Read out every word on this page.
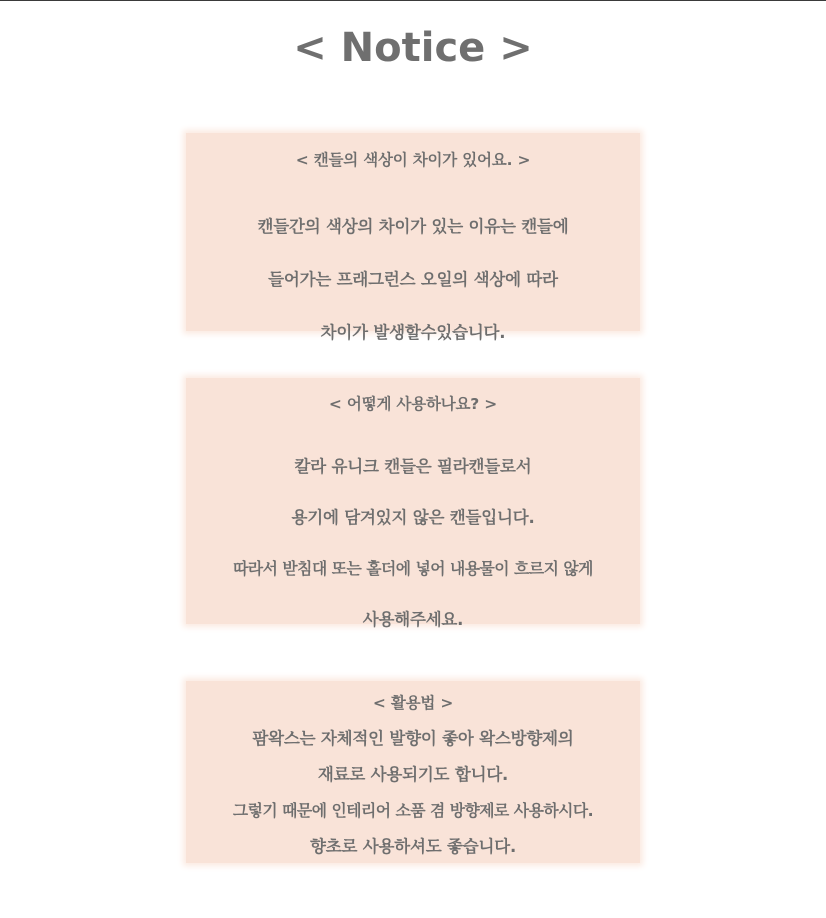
< Notice >
< 캔들의 색상이 차이가 있어요. >
캔들간의 색상의 차이가 있는 이유는 캔들에
들어가는 프래그런스 오일의 색상에 따라
차이가 발생할수있습니다.
< 어떻게 사용하나요? >
칼라 유니크 캔들은 필라캔들로서
용기에 담겨있지 않은 캔들입니다.
따라서 받침대 또는 홀더에 넣어 내용물이 흐르지 않게
사용해주세요.
< 활용법 >
팜왁스는 자체적인 발향이 좋아 왁스방향제의
재료로 사용되기도 합니다.
그렇기 때문에 인테리어 소품 겸 방향제로 사용하시다.
향초로 사용하셔도 좋습니다.
